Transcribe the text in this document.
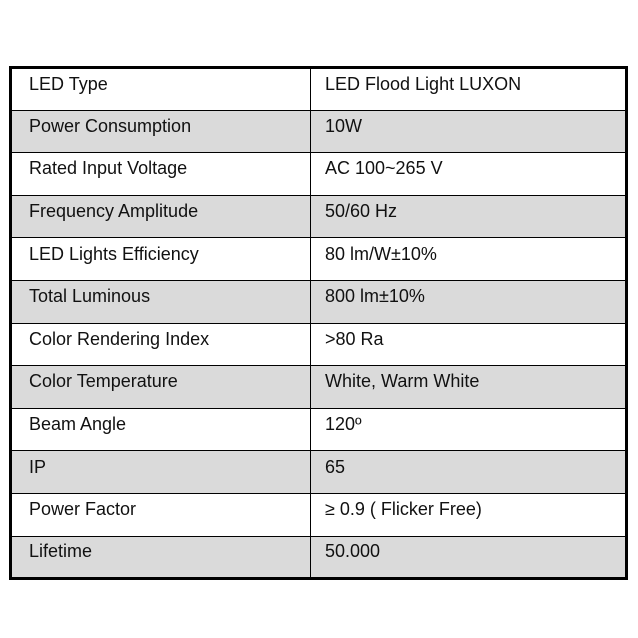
LED Type	LED Flood Light LUXON
Power Consumption	10W
Rated Input Voltage	AC 100~265 V
Frequency Amplitude	50/60 Hz
LED Lights Efficiency	80 lm/W±10%
Total Luminous	800 lm±10%
Color Rendering Index	>80 Ra
Color Temperature	White, Warm White
Beam Angle	120º
IP	65
Power Factor	≥ 0.9 ( Flicker Free)
Lifetime	50.000
